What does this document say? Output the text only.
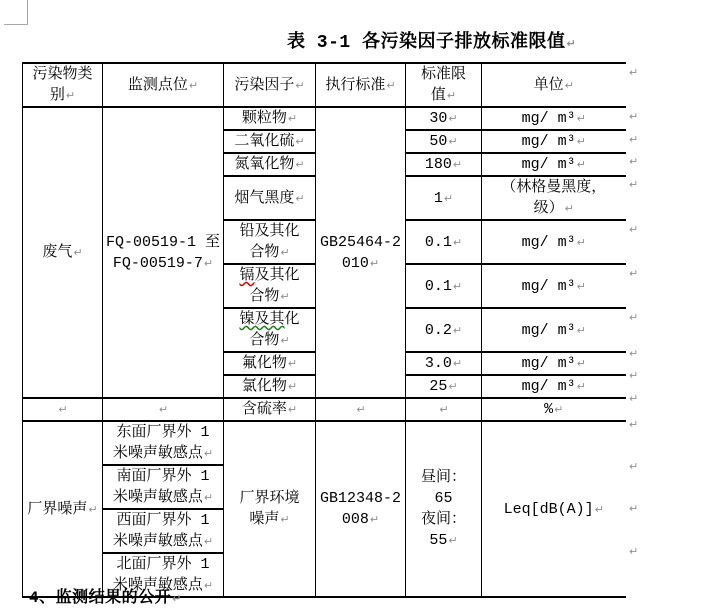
表 3-1 各污染因子排放标准限值↵
污染物类
别↵	监测点位↵	污染因子↵	执行标准↵	标准限
值↵	单位↵
废气↵	FQ-00519-1 至
FQ-00519-7↵	颗粒物↵	GB25464-2
010↵	30↵	mg/ m³↵
		二氧化硫↵		50↵	mg/ m³↵
		氮氧化物↵		180↵	mg/ m³↵
		烟气黑度↵		1↵	（林格曼黑度，
级）↵
		铅及其化
合物↵		0.1↵	mg/ m³↵
		镉及其化
合物↵		0.1↵	mg/ m³↵
		镍及其化
合物↵		0.2↵	mg/ m³↵
		氟化物↵		3.0↵	mg/ m³↵
		氯化物↵		25↵	mg/ m³↵
↵	↵	含硫率↵	↵	↵	%↵
厂界噪声↵	东面厂界外 1
米噪声敏感点↵	厂界环境
噪声↵	GB12348-2
008↵	昼间：
65
夜间：
55↵	Leq[dB(A)]↵
	南面厂界外 1
米噪声敏感点↵				
	西面厂界外 1
米噪声敏感点↵				
	北面厂界外 1
米噪声敏感点↵				
4、监测结果的公开↵
↵
↵
↵
↵
↵
↵
↵
↵
↵
↵
↵
↵
↵
↵
↵
